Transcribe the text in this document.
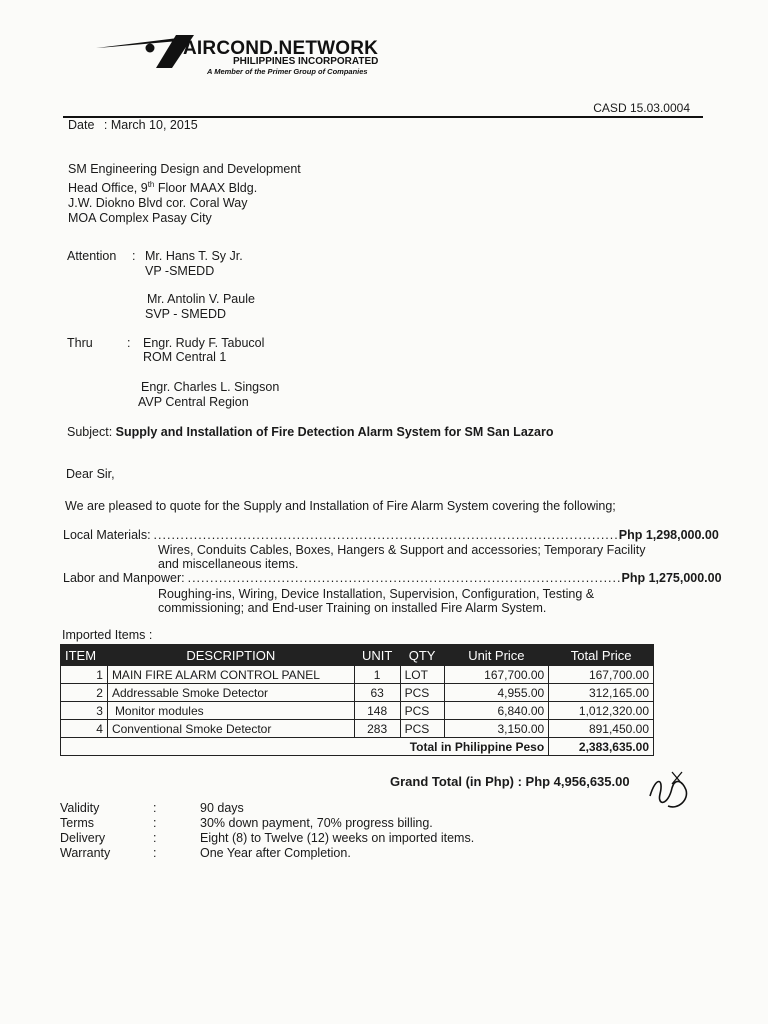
AIRCOND.NETWORK
PHILIPPINES INCORPORATED
A Member of the Primer Group of Companies
CASD 15.03.0004
Date : March 10, 2015
SM Engineering Design and Development
Head Office, 9th Floor MAAX Bldg.
J.W. Diokno Blvd cor. Coral Way
MOA Complex Pasay City
Attention : Mr. Hans T. Sy Jr.
VP -SMEDD
Mr. Antolin V. Paule
SVP - SMEDD
Thru	: Engr. Rudy F. Tabucol
ROM Central 1
Engr. Charles L. Singson
AVP Central Region
Subject: Supply and Installation of Fire Detection Alarm System for SM San Lazaro
Dear Sir,
We are pleased to quote for the Supply and Installation of Fire Alarm System covering the following;
Local Materials: ........................................................................................................ Php 1,298,000.00
Wires, Conduits Cables, Boxes, Hangers & Support and accessories; Temporary Facility
and miscellaneous items.
Labor and Manpower: ................................................................................................. Php 1,275,000.00
Roughing-ins, Wiring, Device Installation, Supervision, Configuration, Testing &
commissioning; and End-user Training on installed Fire Alarm System.
Imported Items :
ITEM	DESCRIPTION	UNIT	QTY	Unit Price	Total Price
1	MAIN FIRE ALARM CONTROL PANEL	1	LOT	167,700.00	167,700.00
2	Addressable Smoke Detector	63	PCS	4,955.00	312,165.00
3	Monitor modules	148	PCS	6,840.00	1,012,320.00
4	Conventional Smoke Detector	283	PCS	3,150.00	891,450.00
Total in Philippine Peso					2,383,635.00
Grand Total (in Php) : Php 4,956,635.00
Validity	:	90 days
Terms	:	30% down payment, 70% progress billing.
Delivery	:	Eight (8) to Twelve (12) weeks on imported items.
Warranty	:	One Year after Completion.
